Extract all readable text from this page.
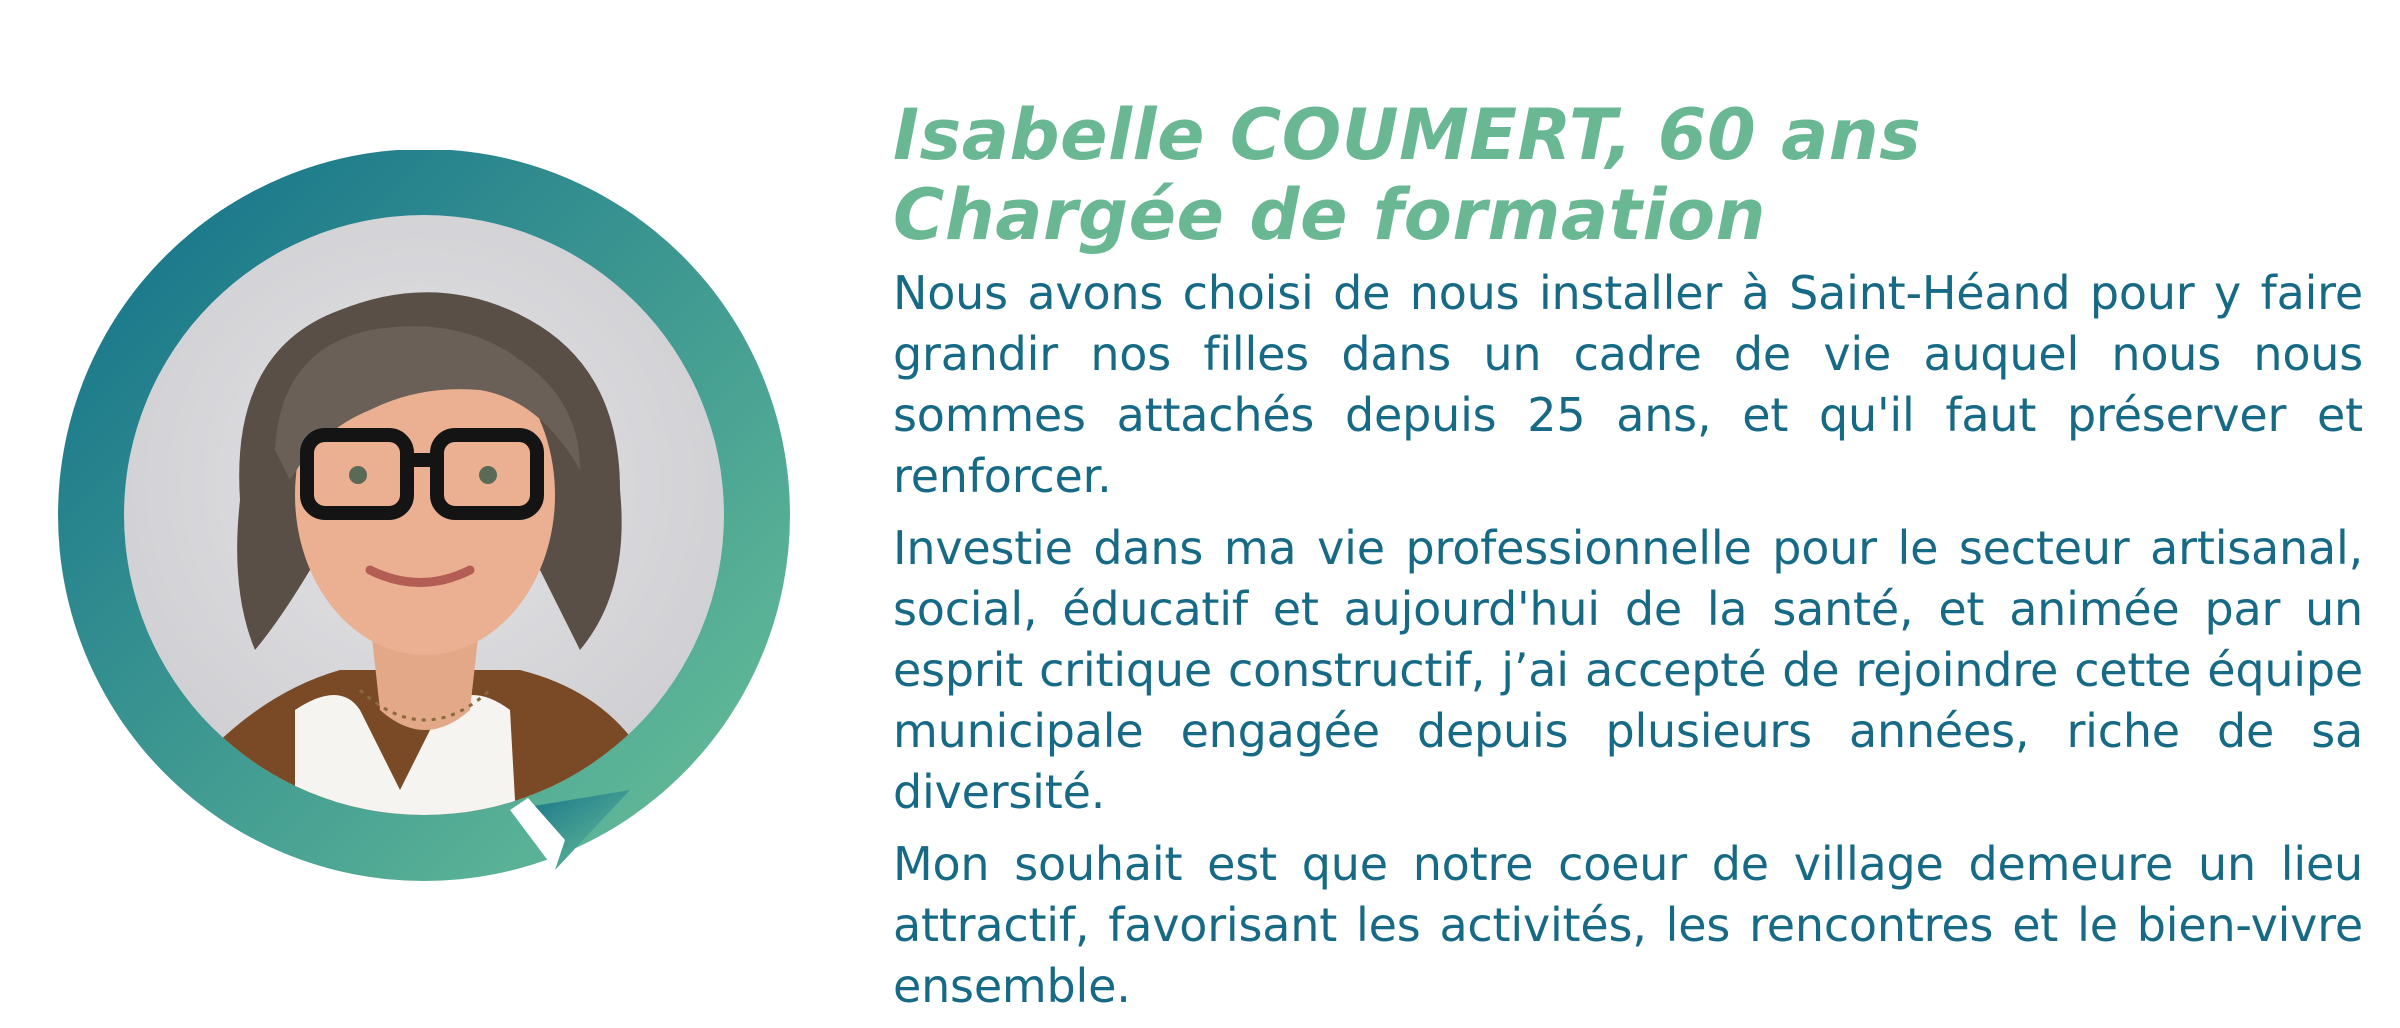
Isabelle COUMERT, 60 ans
Chargée de formation

Nous avons choisi de nous installer à Saint-Héand pour y faire grandir nos filles dans un cadre de vie auquel nous nous sommes attachés depuis 25 ans, et qu'il faut préserver et renforcer.

Investie dans ma vie professionnelle pour le secteur artisanal, social, éducatif et aujourd'hui de la santé, et animée par un esprit critique constructif, j’ai accepté de rejoindre cette équipe municipale engagée depuis plusieurs années, riche de sa diversité.

Mon souhait est que notre coeur de village demeure un lieu attractif, favorisant les activités, les rencontres et le bien-vivre ensemble.
